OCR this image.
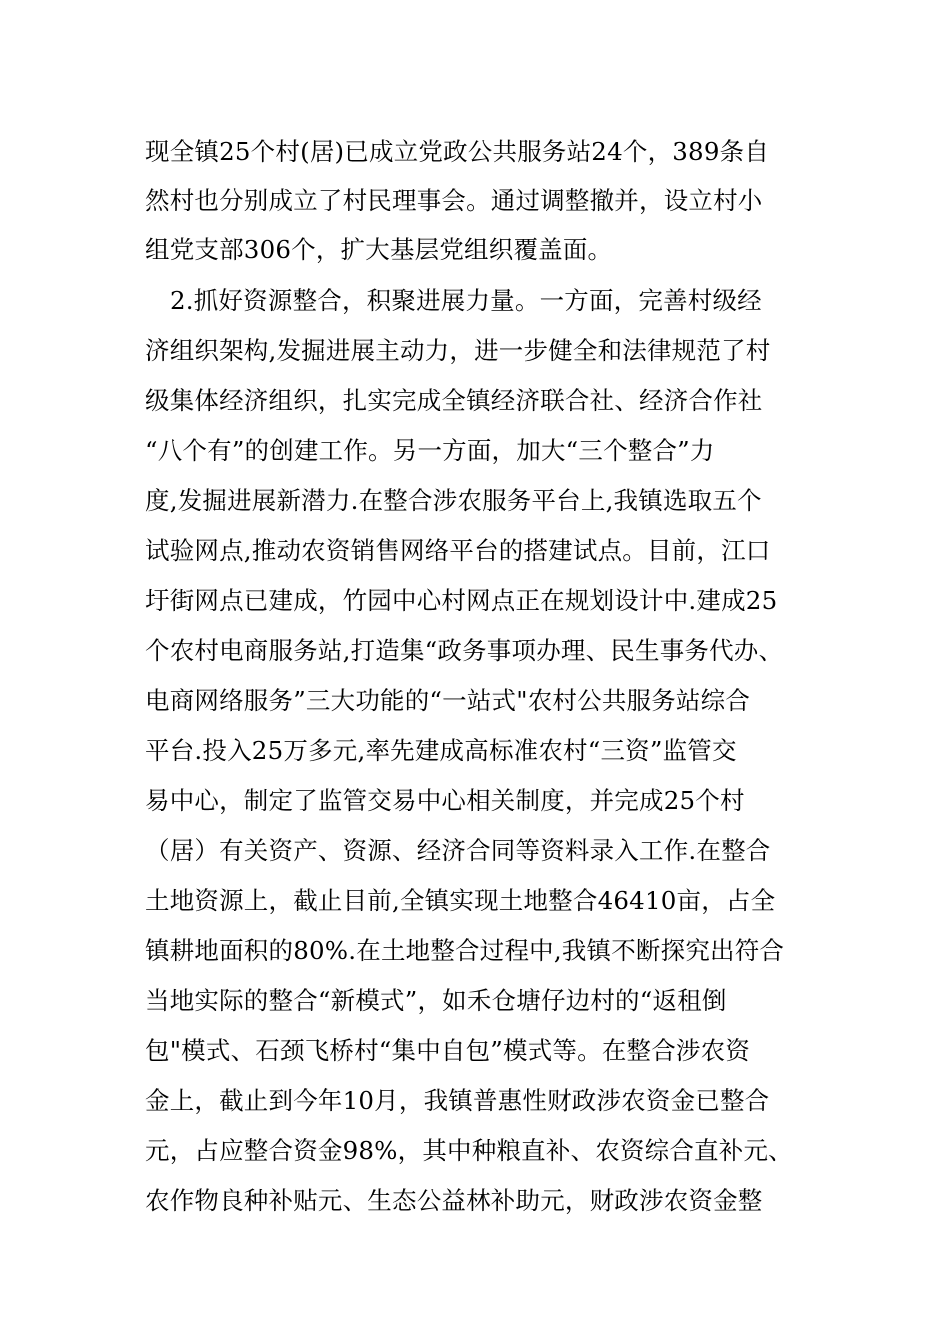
现全镇25个村(居)已成立党政公共服务站24个，389条自
然村也分别成立了村民理事会。通过调整撤并，设立村小
组党支部306个，扩大基层党组织覆盖面。
2.抓好资源整合，积聚进展力量。一方面，完善村级经
济组织架构,发掘进展主动力，进一步健全和法律规范了村
级集体经济组织，扎实完成全镇经济联合社、经济合作社
“八个有”的创建工作。另一方面，加大“三个整合”力
度,发掘进展新潜力.在整合涉农服务平台上,我镇选取五个
试验网点,推动农资销售网络平台的搭建试点。目前，江口
圩街网点已建成，竹园中心村网点正在规划设计中.建成25
个农村电商服务站,打造集“政务事项办理、民生事务代办、
电商网络服务”三大功能的“一站式"农村公共服务站综合
平台.投入25万多元,率先建成高标准农村“三资”监管交
易中心，制定了监管交易中心相关制度，并完成25个村
（居）有关资产、资源、经济合同等资料录入工作.在整合
土地资源上，截止目前,全镇实现土地整合46410亩，占全
镇耕地面积的80%.在土地整合过程中,我镇不断探究出符合
当地实际的整合“新模式”，如禾仓塘仔边村的“返租倒
包"模式、石颈飞桥村“集中自包”模式等。在整合涉农资
金上，截止到今年10月，我镇普惠性财政涉农资金已整合
元，占应整合资金98%，其中种粮直补、农资综合直补元、
农作物良种补贴元、生态公益林补助元，财政涉农资金整
